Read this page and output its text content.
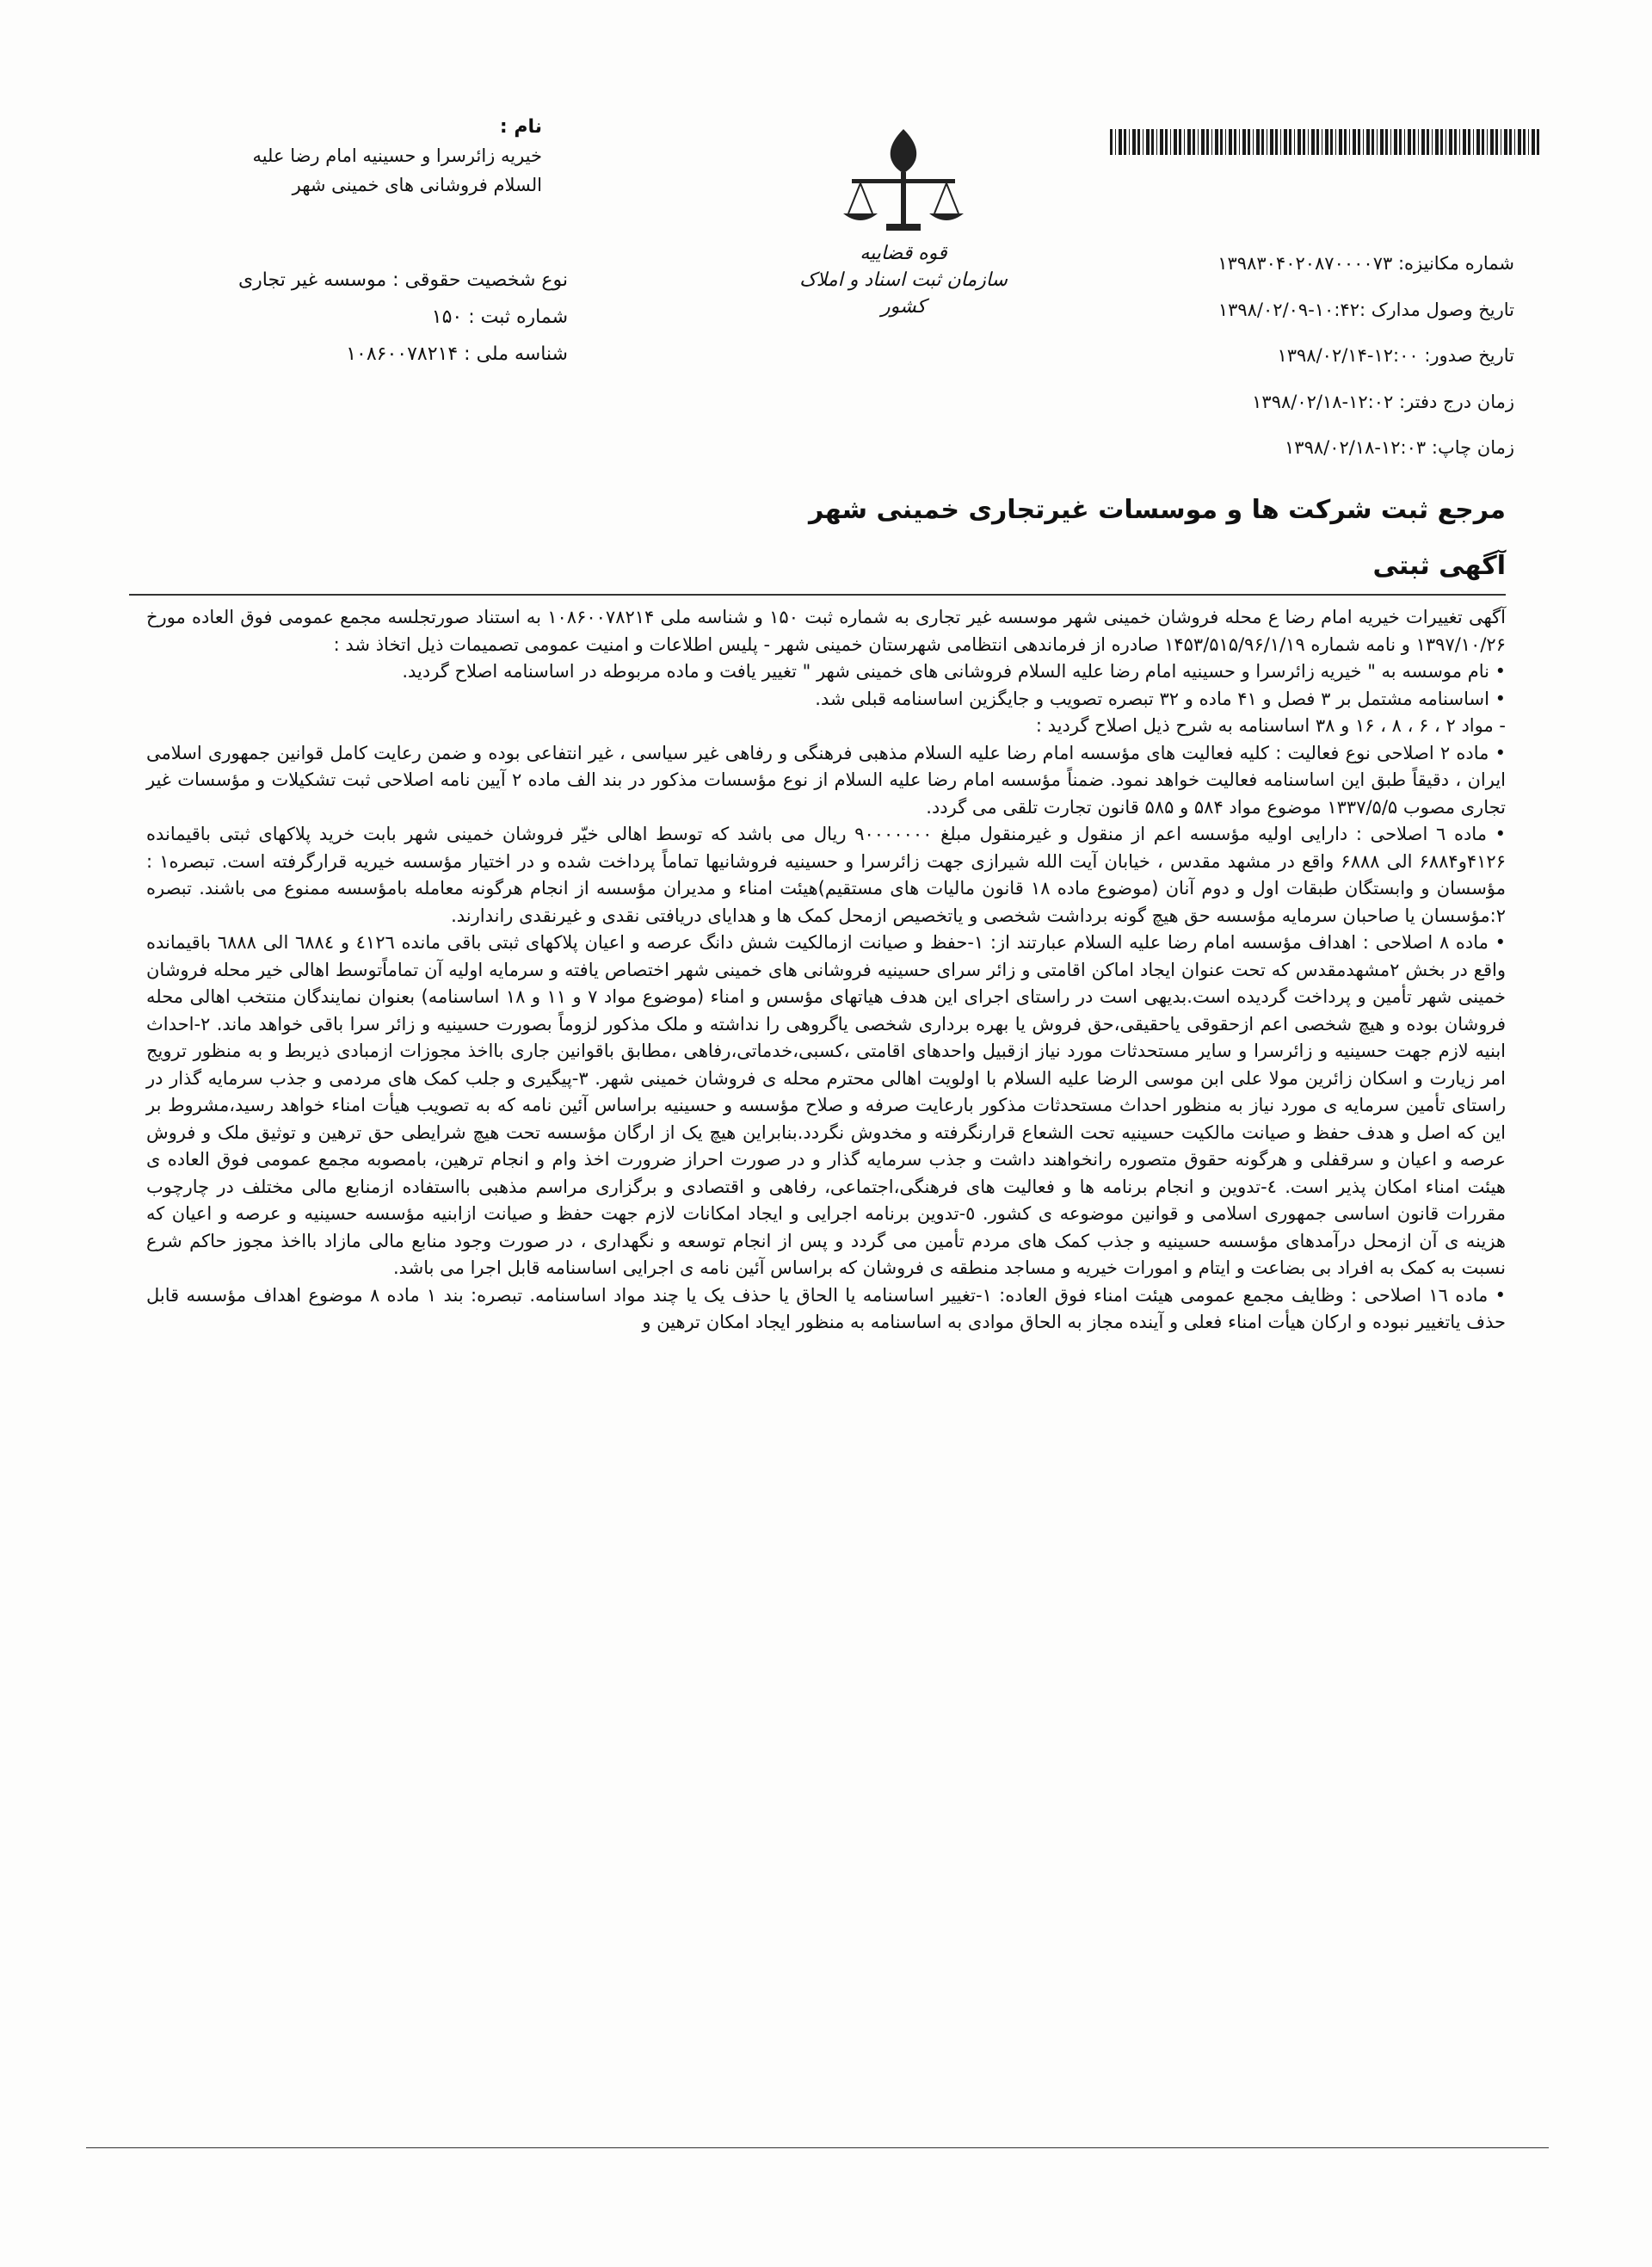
نام :
خیریه زائرسرا و حسینیه امام رضا علیه
السلام فروشانی های خمینی شهر
نوع شخصیت حقوقی : موسسه غیر تجاری
شماره ثبت : ۱۵۰
شناسه ملی : ۱۰۸۶۰۰۷۸۲۱۴
قوه قضاییه
سازمان ثبت اسناد و املاک کشور
شماره مکانیزه: ۱۳۹۸۳۰۴۰۲۰۸۷۰۰۰۰۷۳
تاریخ وصول مدارک :۱۰:۴۲-۱۳۹۸/۰۲/۰۹
تاریخ صدور: ۱۲:۰۰-۱۳۹۸/۰۲/۱۴
زمان درج دفتر: ۱۲:۰۲-۱۳۹۸/۰۲/۱۸
زمان چاپ: ۱۲:۰۳-۱۳۹۸/۰۲/۱۸
مرجع ثبت شرکت ها و موسسات غیرتجاری خمینی شهر
آگهی ثبتی

آگهی تغییرات خیریه امام رضا ع محله فروشان خمینی شهر موسسه غیر تجاری به شماره ثبت ۱۵۰ و شناسه ملی ۱۰۸۶۰۰۷۸۲۱۴ به استناد صورتجلسه مجمع عمومی فوق العاده مورخ ۱۳۹۷/۱۰/۲۶ و نامه شماره ۱۴۵۳/۵۱۵/۹۶/۱/۱۹ صادره از فرماندهی انتظامی شهرستان خمینی شهر - پلیس اطلاعات و امنیت عمومی تصمیمات ذیل اتخاذ شد :

• نام موسسه به " خیریه زائرسرا و حسینیه امام رضا علیه السلام فروشانی های خمینی شهر " تغییر یافت و ماده مربوطه در اساسنامه اصلاح گردید.

• اساسنامه مشتمل بر ۳ فصل و ۴۱ ماده و ۳۲ تبصره تصویب و جایگزین اساسنامه قبلی شد.

- مواد ۲ ، ۶ ، ۸ ، ۱۶ و ۳۸ اساسنامه به شرح ذیل اصلاح گردید :

• ماده ۲ اصلاحی نوع فعالیت : کلیه فعالیت های مؤسسه امام رضا علیه السلام مذهبی فرهنگی و رفاهی غیر سیاسی ، غیر انتفاعی بوده و ضمن رعایت کامل قوانین جمهوری اسلامی ایران ، دقیقاً طبق این اساسنامه فعالیت خواهد نمود. ضمناً مؤسسه امام رضا علیه السلام از نوع مؤسسات مذکور در بند الف ماده ۲ آیین نامه اصلاحی ثبت تشکیلات و مؤسسات غیر تجاری مصوب ۱۳۳۷/۵/۵ موضوع مواد ۵۸۴ و ۵۸۵ قانون تجارت تلقی می گردد.

• ماده ٦ اصلاحی : دارایی اولیه مؤسسه اعم از منقول و غیرمنقول مبلغ ۹۰۰۰۰۰۰۰ ریال می باشد که توسط اهالی خیّر فروشان خمینی شهر بابت خرید پلاکهای ثبتی باقیمانده ۴۱۲۶و۶۸۸۴ الی ۶۸۸۸ واقع در مشهد مقدس ، خیابان آیت الله شیرازی جهت زائرسرا و حسینیه فروشانیها تماماً پرداخت شده و در اختیار مؤسسه خیریه قرارگرفته است. تبصره۱ : مؤسسان و وابستگان طبقات اول و دوم آنان (موضوع ماده ۱۸ قانون مالیات های مستقیم)هیئت امناء و مدیران مؤسسه از انجام هرگونه معامله بامؤسسه ممنوع می باشند. تبصره ۲:مؤسسان یا صاحبان سرمایه مؤسسه حق هیچ گونه برداشت شخصی و یاتخصیص ازمحل کمک ها و هدایای دریافتی نقدی و غیرنقدی راندارند.

• ماده ۸ اصلاحی : اهداف مؤسسه امام رضا علیه السلام عبارتند از: ۱-حفظ و صیانت ازمالکیت شش دانگ عرصه و اعیان پلاکهای ثبتی باقی مانده ٤١٢٦ و ٦٨٨٤ الی ٦٨٨٨ باقیمانده واقع در بخش ۲مشهدمقدس که تحت عنوان ایجاد اماکن اقامتی و زائر سرای حسینیه فروشانی های خمینی شهر اختصاص یافته و سرمایه اولیه آن تماماًتوسط اهالی خیر محله فروشان خمینی شهر تأمین و پرداخت گردیده است.بدیهی است در راستای اجرای این هدف هیاتهای مؤسس و امناء (موضوع مواد ۷ و ۱۱ و ۱۸ اساسنامه) بعنوان نمایندگان منتخب اهالی محله فروشان بوده و هیچ شخصی اعم ازحقوقی یاحقیقی،حق فروش یا بهره برداری شخصی یاگروهی را نداشته و ملک مذکور لزوماً بصورت حسینیه و زائر سرا باقی خواهد ماند. ۲-احداث ابنیه لازم جهت حسینیه و زائرسرا و سایر مستحدثات مورد نیاز ازقبیل واحدهای اقامتی ،کسبی،خدماتی،رفاهی ،مطابق باقوانین جاری بااخذ مجوزات ازمبادی ذیربط و به منظور ترویج امر زیارت و اسکان زائرین مولا علی ابن موسی الرضا علیه السلام با اولویت اهالی محترم محله ی فروشان خمینی شهر. ۳-پیگیری و جلب کمک های مردمی و جذب سرمایه گذار در راستای تأمین سرمایه ی مورد نیاز به منظور احداث مستحدثات مذکور بارعایت صرفه و صلاح مؤسسه و حسینیه براساس آئین نامه که به تصویب هیأت امناء خواهد رسید،مشروط بر این که اصل و هدف حفظ و صیانت مالکیت حسینیه تحت الشعاع قرارنگرفته و مخدوش نگردد.بنابراین هیچ یک از ارگان مؤسسه تحت هیچ شرایطی حق ترهین و توثیق ملک و فروش عرصه و اعیان و سرقفلی و هرگونه حقوق متصوره رانخواهند داشت و جذب سرمایه گذار و در صورت احراز ضرورت اخذ وام و انجام ترهین، بامصوبه مجمع عمومی فوق العاده ی هیئت امناء امکان پذیر است. ٤-تدوین و انجام برنامه ها و فعالیت های فرهنگی،اجتماعی، رفاهی و اقتصادی و برگزاری مراسم مذهبی بااستفاده ازمنابع مالی مختلف در چارچوب مقررات قانون اساسی جمهوری اسلامی و قوانین موضوعه ی کشور. ٥-تدوین برنامه اجرایی و ایجاد امکانات لازم جهت حفظ و صیانت ازابنیه مؤسسه حسینیه و عرصه و اعیان که هزینه ی آن ازمحل درآمدهای مؤسسه حسینیه و جذب کمک های مردم تأمین می گردد و پس از انجام توسعه و نگهداری ، در صورت وجود منابع مالی مازاد بااخذ مجوز حاکم شرع نسبت به کمک به افراد بی بضاعت و ایتام و امورات خیریه و مساجد منطقه ی فروشان که براساس آئین نامه ی اجرایی اساسنامه قابل اجرا می باشد.

• ماده ۱٦ اصلاحی : وظایف مجمع عمومی هیئت امناء فوق العاده: ۱-تغییر اساسنامه یا الحاق یا حذف یک یا چند مواد اساسنامه. تبصره: بند ۱ ماده ۸ موضوع اهداف مؤسسه قابل حذف یاتغییر نبوده و ارکان هیأت امناء فعلی و آینده مجاز به الحاق موادی به اساسنامه به منظور ایجاد امکان ترهین و
